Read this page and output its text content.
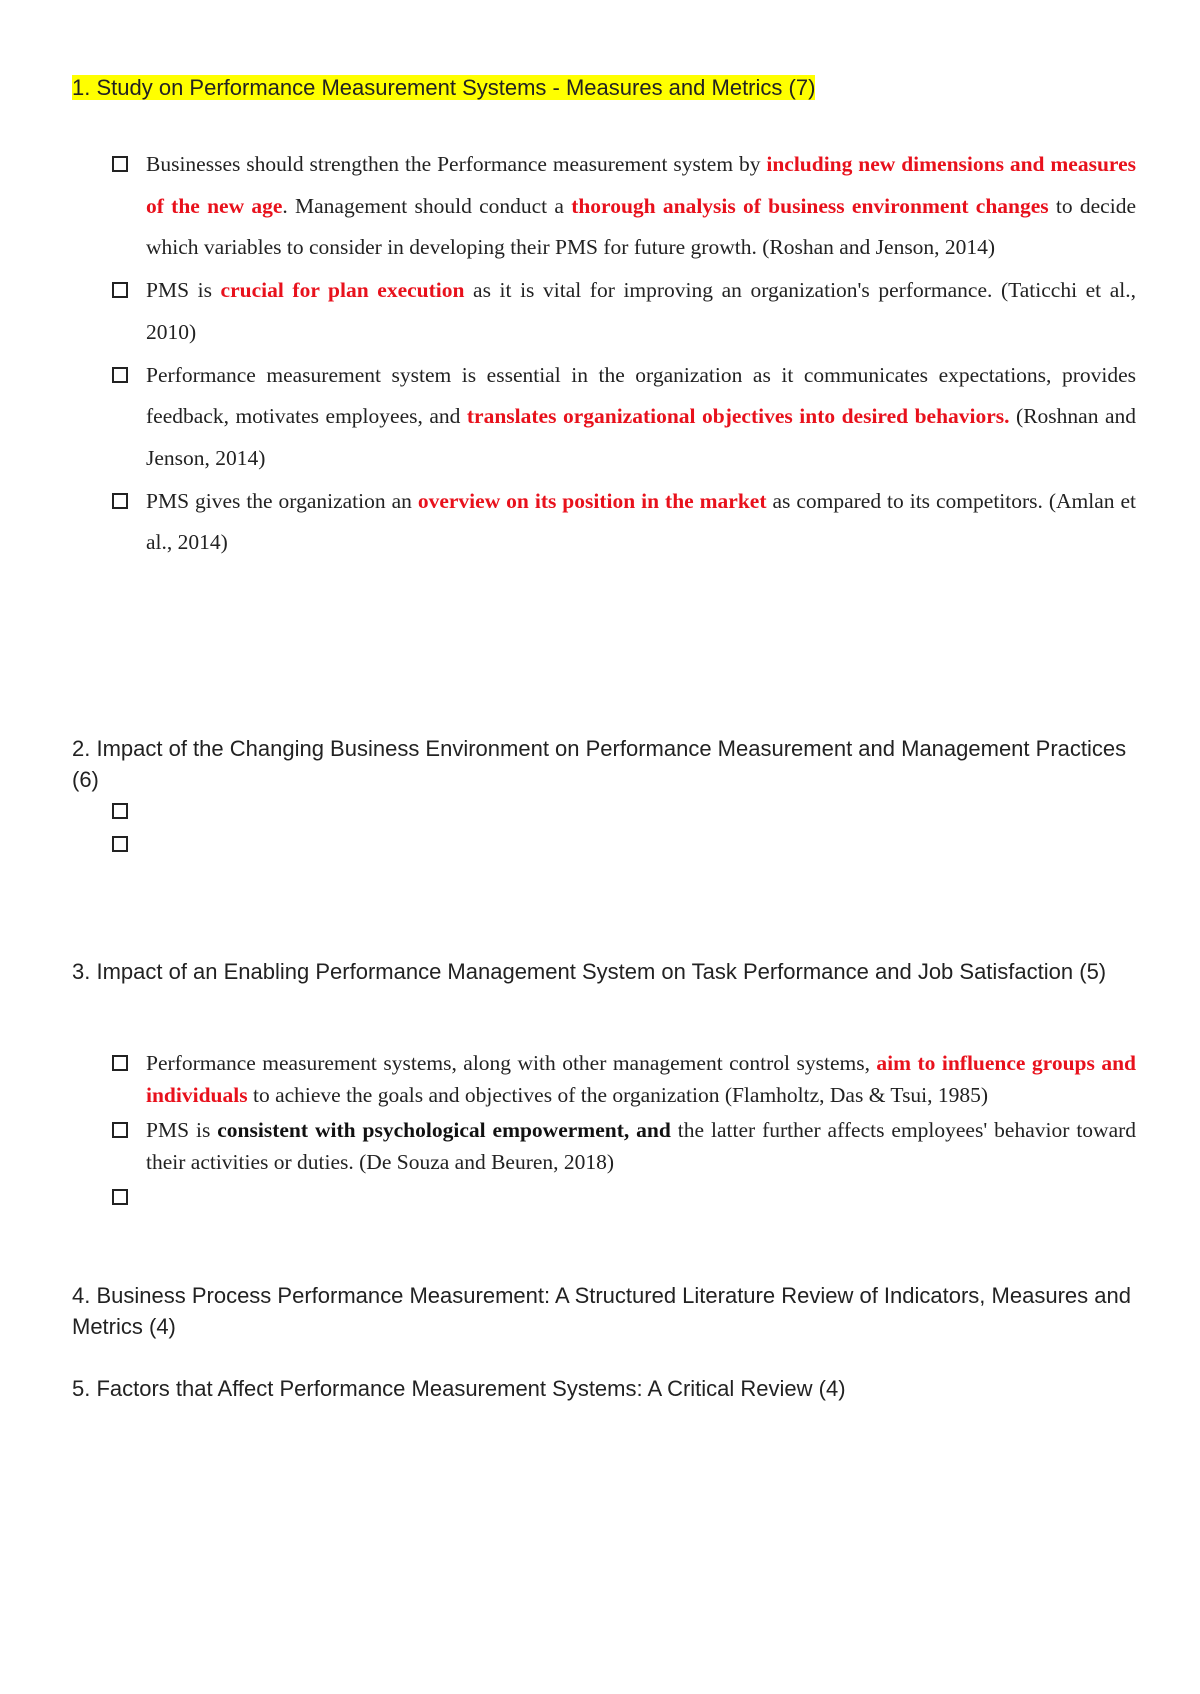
1. Study on Performance Measurement Systems - Measures and Metrics (7)

Businesses should strengthen the Performance measurement system by including new dimensions and measures of the new age. Management should conduct a thorough analysis of business environment changes to decide which variables to consider in developing their PMS for future growth. (Roshan and Jenson, 2014)
PMS is crucial for plan execution as it is vital for improving an organization's performance. (Taticchi et al., 2010)
Performance measurement system is essential in the organization as it communicates expectations, provides feedback, motivates employees, and translates organizational objectives into desired behaviors. (Roshnan and Jenson, 2014)
PMS gives the organization an overview on its position in the market as compared to its competitors. (Amlan et al., 2014)

2. Impact of the Changing Business Environment on Performance Measurement and Management Practices (6)

3. Impact of an Enabling Performance Management System on Task Performance and Job Satisfaction (5)

Performance measurement systems, along with other management control systems, aim to influence groups and individuals to achieve the goals and objectives of the organization (Flamholtz, Das & Tsui, 1985)
PMS is consistent with psychological empowerment, and the latter further affects employees' behavior toward their activities or duties. (De Souza and Beuren, 2018)

4. Business Process Performance Measurement: A Structured Literature Review of Indicators, Measures and Metrics (4)

5. Factors that Affect Performance Measurement Systems: A Critical Review (4)
